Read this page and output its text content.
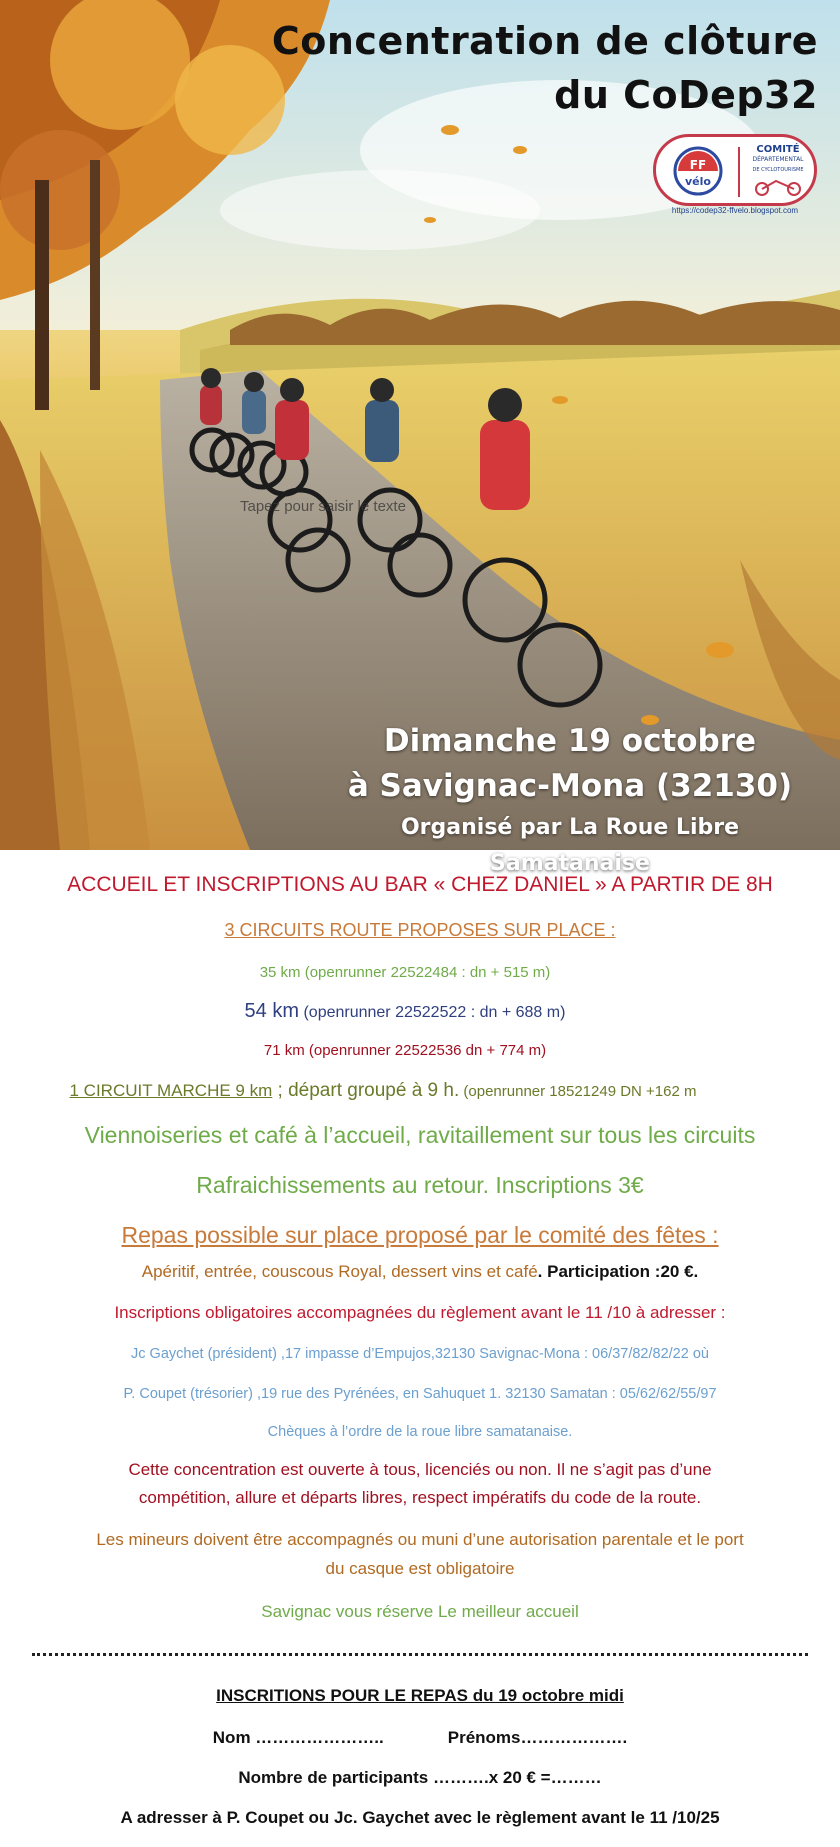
Concentration de clôture
du CoDep32
FF
vélo
COMITÉ
DÉPARTEMENTAL
DE CYCLOTOURISME
https://codep32-ffvelo.blogspot.com
Tapez pour saisir le texte
Dimanche 19 octobre
à Savignac-Mona (32130)
Organisé par La Roue Libre Samatanaise
ACCUEIL ET INSCRIPTIONS AU BAR « CHEZ DANIEL » A PARTIR DE 8H
3 CIRCUITS ROUTE PROPOSES SUR PLACE :
35 km (openrunner 22522484 : dn + 515 m)
54 km (openrunner 22522522 : dn + 688 m)
71 km (openrunner 22522536 dn + 774 m)
1 CIRCUIT MARCHE 9 km ; départ groupé à 9 h. (openrunner 18521249 DN +162 m
Viennoiseries et café à l’accueil, ravitaillement sur tous les circuits
Rafraichissements au retour. Inscriptions 3€
Repas possible sur place proposé par le comité des fêtes :
Apéritif, entrée, couscous Royal, dessert vins et café. Participation :20 €.
Inscriptions obligatoires accompagnées du règlement avant le 11 /10 à adresser :
Jc Gaychet (président) ,17 impasse d’Empujos,32130 Savignac-Mona : 06/37/82/82/22 où
P. Coupet (trésorier) ,19 rue des Pyrénées, en Sahuquet 1. 32130 Samatan : 05/62/62/55/97
Chèques à l’ordre de la roue libre samatanaise.
Cette concentration est ouverte à tous, licenciés ou non. Il ne s’agit pas d’une
compétition, allure et départs libres, respect impératifs du code de la route.
Les mineurs doivent être accompagnés ou muni d’une autorisation parentale et le port
du casque est obligatoire
Savignac vous réserve Le meilleur accueil
INSCRITIONS POUR LE REPAS du 19 octobre midi
Nom …………………..	Prénoms……………….
Nombre de participants ……….x 20 € =………
A adresser à P. Coupet ou Jc. Gaychet avec le règlement avant le 11 /10/25
